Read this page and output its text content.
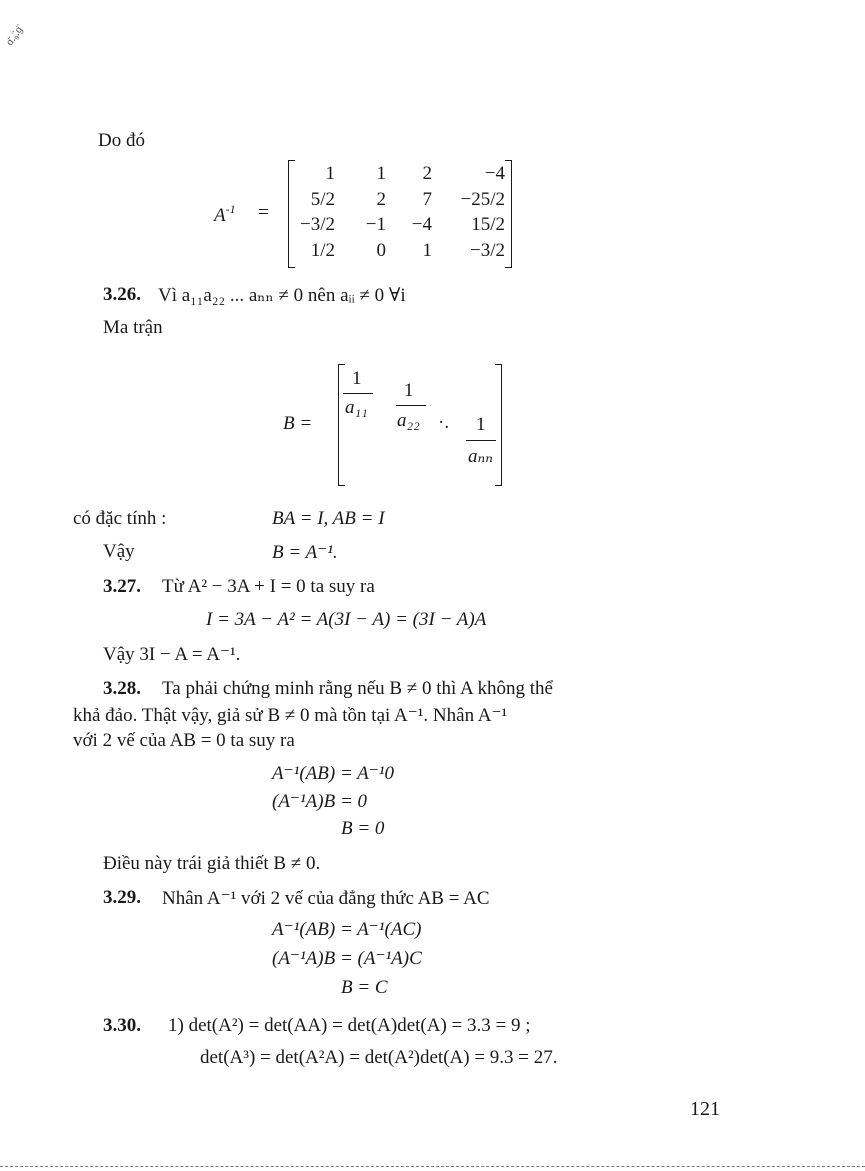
ɑ̈.₉̈.ɡ̈
Do đó
$A^{-1}$ =
1	1	2	−4
5/2	2	7	−25/2
−3/2	−1	−4	15/2
1/2	0	1	−3/2
3.26. Vì a₁₁a₂₂ ... aₙₙ ≠ 0 nên aᵢᵢ ≠ 0 ∀i
Ma trận
B =
1
a₁₁
1
a₂₂ ·. 1
aₙₙ
có đặc tính :	BA = I, AB = I
Vậy	B = A⁻¹.
3.27. Từ A² − 3A + I = 0 ta suy ra
I = 3A − A² = A(3I − A) = (3I − A)A
Vậy 3I − A = A⁻¹.
3.28. Ta phải chứng minh rằng nếu B ≠ 0 thì A không thể
khả đảo. Thật vậy, giả sử B ≠ 0 mà tồn tại A⁻¹. Nhân A⁻¹
với 2 vế của AB = 0 ta suy ra
A⁻¹(AB) = A⁻¹0
(A⁻¹A)B = 0
B = 0
Điều này trái giả thiết B ≠ 0.
3.29. Nhân A⁻¹ với 2 vế của đẳng thức AB = AC
A⁻¹(AB) = A⁻¹(AC)
(A⁻¹A)B = (A⁻¹A)C
B = C
3.30. 1) det(A²) = det(AA) = det(A)det(A) = 3.3 = 9 ;
det(A³) = det(A²A) = det(A²)det(A) = 9.3 = 27.
121
